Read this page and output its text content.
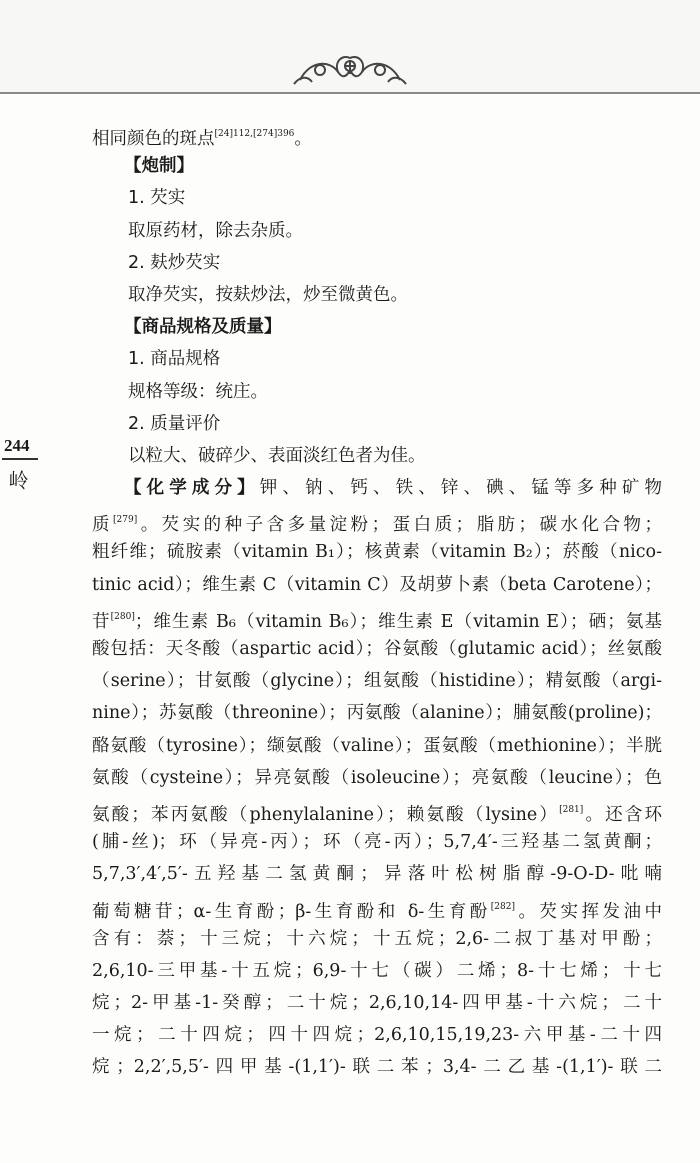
244
岭
相同颜色的斑点$^{[24]112,[274]396}$。
【炮制】
1. 芡实
取原药材，除去杂质。
2. 麸炒芡实
取净芡实，按麸炒法，炒至微黄色。
【商品规格及质量】
1. 商品规格
规格等级：统庄。
2. 质量评价
以粒大、破碎少、表面淡红色者为佳。
【化学成分】钾、钠、钙、铁、锌、碘、锰等多种矿物
质[279]。芡实的种子含多量淀粉；蛋白质；脂肪；碳水化合物；
粗纤维；硫胺素（vitamin B₁）；核黄素（vitamin B₂）；菸酸（nico-
tinic acid）；维生素 C（vitamin C）及胡萝卜素（beta Carotene）；
苷[280]；维生素 B₆（vitamin B₆）；维生素 E（vitamin E）；硒；氨基
酸包括：天冬酸（aspartic acid）；谷氨酸（glutamic acid）；丝氨酸
（serine）；甘氨酸（glycine）；组氨酸（histidine）；精氨酸（argi-
nine）；苏氨酸（threonine）；丙氨酸（alanine）；脯氨酸(proline)；
酪氨酸（tyrosine）；缬氨酸（valine）；蛋氨酸（methionine）；半胱
氨酸（cysteine）；异亮氨酸（isoleucine）；亮氨酸（leucine）；色
氨酸；苯丙氨酸（phenylalanine）；赖氨酸（lysine）[281]。还含环
(脯-丝)；环（异亮-丙）；环（亮-丙）；5,7,4′-三羟基二氢黄酮；
5,7,3′,4′,5′-五羟基二氢黄酮；异落叶松树脂醇-9-O-D-吡喃
葡萄糖苷；α-生育酚；β-生育酚和 δ-生育酚[282]。芡实挥发油中
含有：萘；十三烷；十六烷；十五烷；2,6-二叔丁基对甲酚；
2,6,10-三甲基-十五烷；6,9-十七（碳）二烯；8-十七烯；十七
烷；2-甲基-1-癸醇；二十烷；2,6,10,14-四甲基-十六烷；二十
一烷；二十四烷；四十四烷；2,6,10,15,19,23-六甲基-二十四
烷；2,2′,5,5′-四甲基-(1,1′)-联二苯；3,4-二乙基-(1,1′)-联二
